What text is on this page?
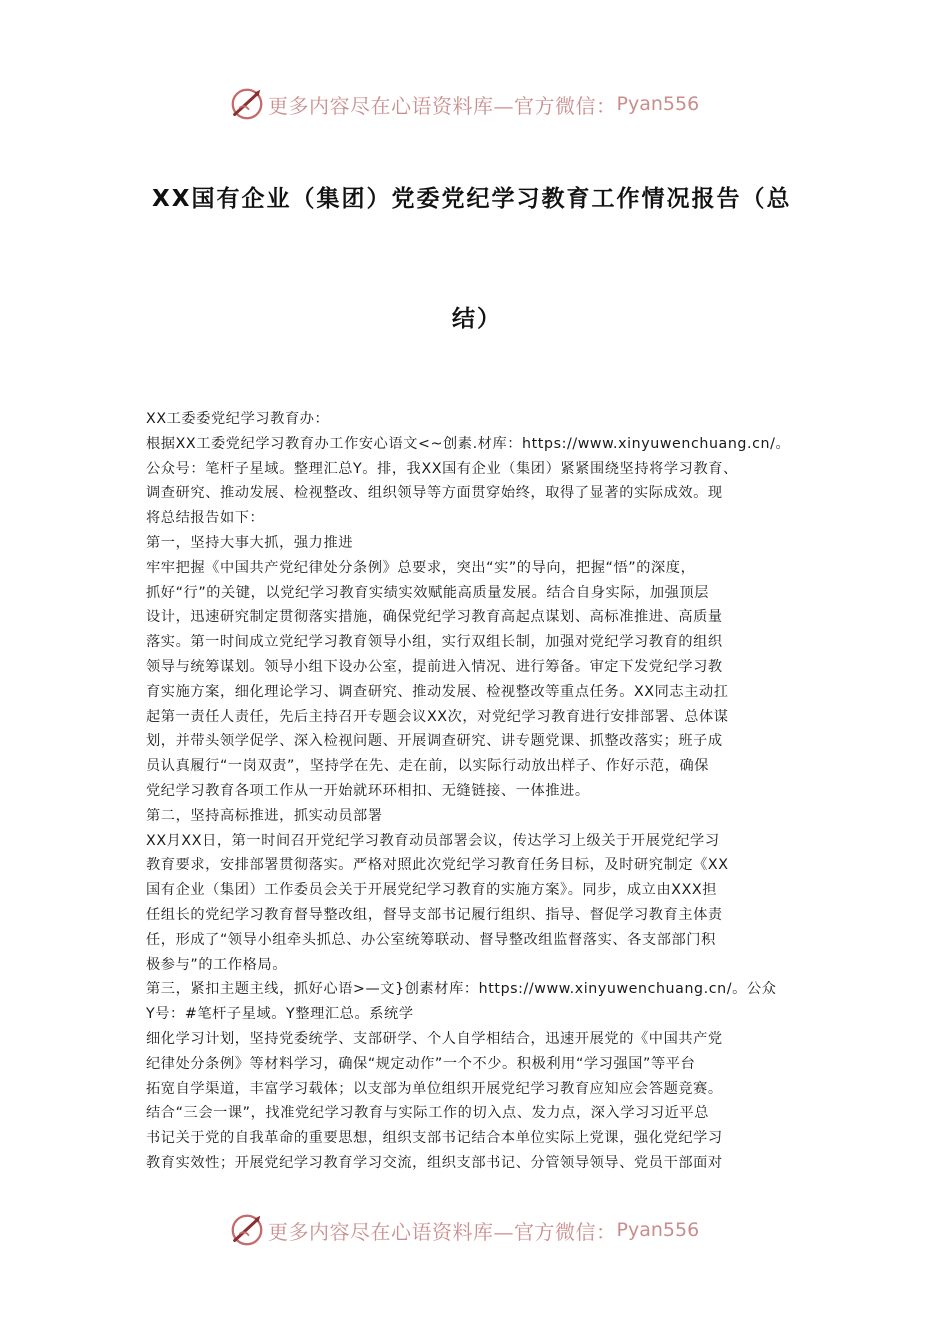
更多内容尽在心语资料库—官方微信： Pyan556
XX国有企业（集团）党委党纪学习教育工作情况报告（总
结）

XX工委委党纪学习教育办：

根据XX工委党纪学习教育办工作安心语文<~创素.材库：https://www.xinyuwenchuang.cn/。

公众号：笔杆子星域。整理汇总Y。排，我XX国有企业（集团）紧紧围绕坚持将学习教育、

调查研究、推动发展、检视整改、组织领导等方面贯穿始终，取得了显著的实际成效。现

将总结报告如下：

第一，坚持大事大抓，强力推进

牢牢把握《中国共产党纪律处分条例》总要求，突出“实”的导向，把握“悟”的深度，

抓好“行”的关键，以党纪学习教育实绩实效赋能高质量发展。结合自身实际，加强顶层

设计，迅速研究制定贯彻落实措施，确保党纪学习教育高起点谋划、高标准推进、高质量

落实。第一时间成立党纪学习教育领导小组，实行双组长制，加强对党纪学习教育的组织

领导与统筹谋划。领导小组下设办公室，提前进入情况、进行筹备。审定下发党纪学习教

育实施方案，细化理论学习、调查研究、推动发展、检视整改等重点任务。XX同志主动扛

起第一责任人责任，先后主持召开专题会议XX次，对党纪学习教育进行安排部署、总体谋

划，并带头领学促学、深入检视问题、开展调查研究、讲专题党课、抓整改落实；班子成

员认真履行“一岗双责”，坚持学在先、走在前，以实际行动放出样子、作好示范，确保

党纪学习教育各项工作从一开始就环环相扣、无缝链接、一体推进。

第二，坚持高标推进，抓实动员部署

XX月XX日，第一时间召开党纪学习教育动员部署会议，传达学习上级关于开展党纪学习

教育要求，安排部署贯彻落实。严格对照此次党纪学习教育任务目标，及时研究制定《XX

国有企业（集团）工作委员会关于开展党纪学习教育的实施方案》。同步，成立由XXX担

任组长的党纪学习教育督导整改组，督导支部书记履行组织、指导、督促学习教育主体责

任，形成了“领导小组牵头抓总、办公室统筹联动、督导整改组监督落实、各支部部门积

极参与”的工作格局。

第三，紧扣主题主线，抓好心语>—文}创素材库：https://www.xinyuwenchuang.cn/。公众

Y号：#笔杆子星域。Y整理汇总。系统学

细化学习计划，坚持党委统学、支部研学、个人自学相结合，迅速开展党的《中国共产党

纪律处分条例》等材料学习，确保“规定动作”一个不少。积极利用“学习强国”等平台

拓宽自学渠道，丰富学习载体；以支部为单位组织开展党纪学习教育应知应会答题竞赛。

结合“三会一课”，找准党纪学习教育与实际工作的切入点、发力点，深入学习习近平总

书记关于党的自我革命的重要思想，组织支部书记结合本单位实际上党课，强化党纪学习

教育实效性；开展党纪学习教育学习交流，组织支部书记、分管领导领导、党员干部面对

更多内容尽在心语资料库—官方微信： Pyan556
